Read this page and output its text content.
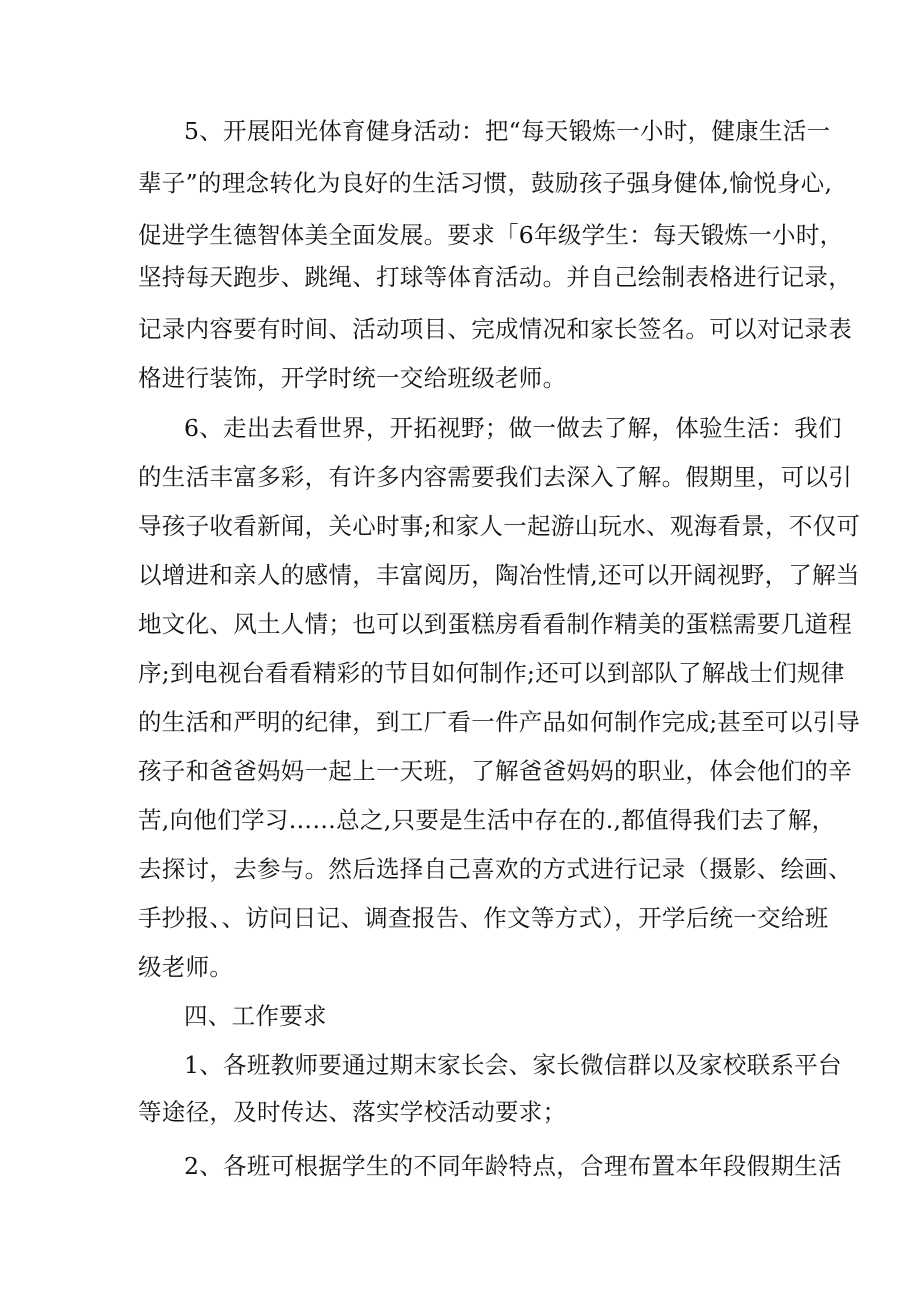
5、开展阳光体育健身活动：把“每天锻炼一小时，健康生活一
辈子”的理念转化为良好的生活习惯，鼓励孩子强身健体,愉悦身心,
促进学生德智体美全面发展。要求「6年级学生：每天锻炼一小时，
坚持每天跑步、跳绳、打球等体育活动。并自己绘制表格进行记录，
记录内容要有时间、活动项目、完成情况和家长签名。可以对记录表
格进行装饰，开学时统一交给班级老师。
6、走出去看世界，开拓视野；做一做去了解，体验生活：我们
的生活丰富多彩，有许多内容需要我们去深入了解。假期里，可以引
导孩子收看新闻，关心时事;和家人一起游山玩水、观海看景，不仅可
以增进和亲人的感情，丰富阅历，陶冶性情,还可以开阔视野，了解当
地文化、风土人情；也可以到蛋糕房看看制作精美的蛋糕需要几道程
序;到电视台看看精彩的节目如何制作;还可以到部队了解战士们规律
的生活和严明的纪律，到工厂看一件产品如何制作完成;甚至可以引导
孩子和爸爸妈妈一起上一天班，了解爸爸妈妈的职业，体会他们的辛
苦,向他们学习……总之,只要是生活中存在的.,都值得我们去了解，
去探讨，去参与。然后选择自己喜欢的方式进行记录（摄影、绘画、
手抄报、、访问日记、调查报告、作文等方式），开学后统一交给班
级老师。
四、工作要求
1、各班教师要通过期末家长会、家长微信群以及家校联系平台
等途径，及时传达、落实学校活动要求；
2、各班可根据学生的不同年龄特点，合理布置本年段假期生活
